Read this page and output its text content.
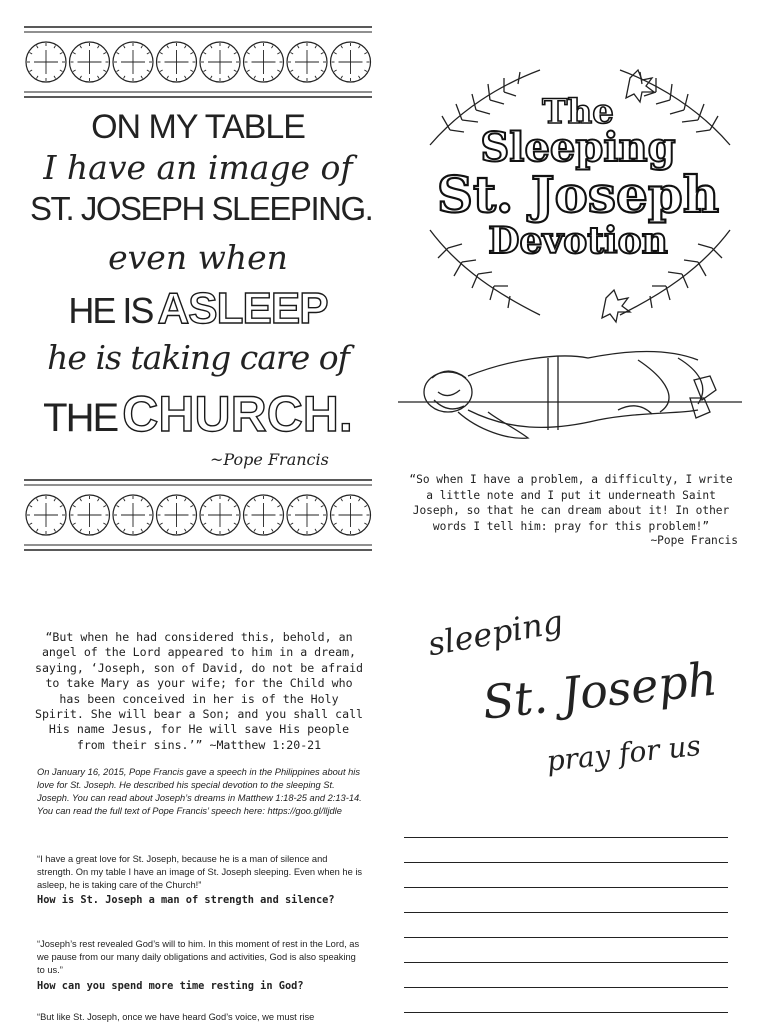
ON MY TABLE
I have an image of
ST. JOSEPH SLEEPING.
even when
HE IS ASLEEP
he is taking care of
THE CHURCH.
~Pope Francis
The
Sleeping
St. Joseph
Devotion
“So when I have a problem, a difficulty, I write a little note and I put it underneath Saint Joseph, so that he can dream about it! In other words I tell him: pray for this problem!”
~Pope Francis
“But when he had considered this, behold, an angel of the Lord appeared to him in a dream, saying, ‘Joseph, son of David, do not be afraid to take Mary as your wife; for the Child who has been conceived in her is of the Holy Spirit. She will bear a Son; and you shall call His name Jesus, for He will save His people from their sins.’” ~Matthew 1:20-21
On January 16, 2015, Pope Francis gave a speech in the Philippines about his love for St. Joseph. He described his special devotion to the sleeping St. Joseph. You can read about Joseph’s dreams in Matthew 1:18-25 and 2:13-14. You can read the full text of Pope Francis’ speech here: https://goo.gl/lljdle
“I have a great love for St. Joseph, because he is a man of silence and strength. On my table I have an image of St. Joseph sleeping. Even when he is asleep, he is taking care of the Church!”
How is St. Joseph a man of strength and silence?
“Joseph’s rest revealed God’s will to him. In this moment of rest in the Lord, as we pause from our many daily obligations and activities, God is also speaking to us.”
How can you spend more time resting in God?
“But like St. Joseph, once we have heard God’s voice, we must rise
sleeping
St. Joseph
pray for us
